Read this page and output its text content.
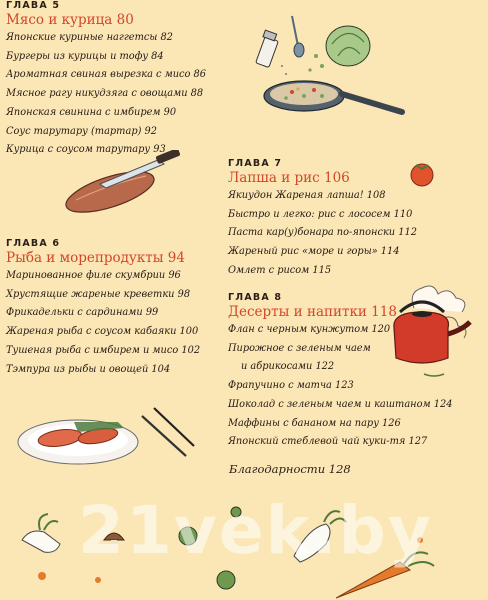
ГЛАВА 5
Мясо и курица 80
Японские куриные наггетсы 82
Бургеры из курицы и тофу 84
Ароматная свиная вырезка с мисо 86
Мясное рагу никудзяга с овощами 88
Японская свинина с имбирем 90
Соус тарутару (тартар) 92
Курица с соусом тарутару 93
ГЛАВА 6
Рыба и морепродукты 94
Маринованное филе скумбрии 96
Хрустящие жареные креветки 98
Фрикадельки с сардинами 99
Жареная рыба с соусом кабаяки 100
Тушеная рыба с имбирем и мисо 102
Тэмпура из рыбы и овощей 104
ГЛАВА 7
Лапша и рис 106
Якиудон Жареная лапша! 108
Быстро и легко: рис с лососем 110
Паста кар(у)бонара по-японски 112
Жареный рис «море и горы» 114
Омлет с рисом 115
ГЛАВА 8
Десерты и напитки 118
Флан с черным кунжутом 120
Пирожное с зеленым чаем
и абрикосами 122
Фрапучино с матча 123
Шоколад с зеленым чаем и каштаном 124
Маффины с бананом на пару 126
Японский стеблевой чай куки-тя 127
Благодарности 128
21vek.by
